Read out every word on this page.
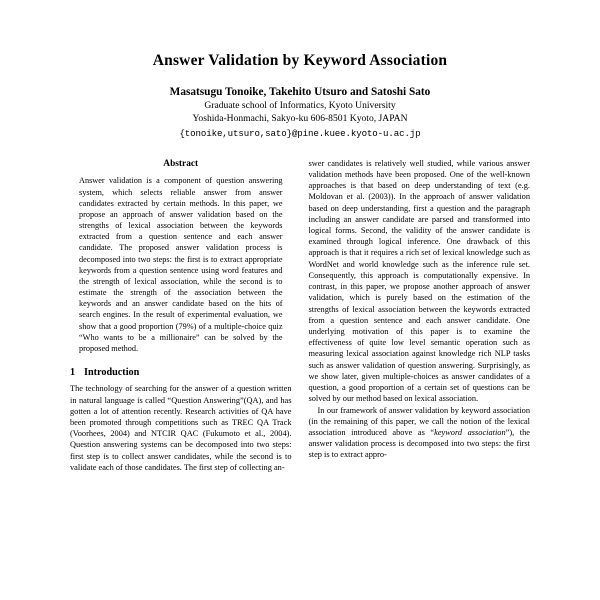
Answer Validation by Keyword Association
Masatsugu Tonoike, Takehito Utsuro and Satoshi Sato
Graduate school of Informatics, Kyoto University
Yoshida-Honmachi, Sakyo-ku 606-8501 Kyoto, JAPAN
{tonoike,utsuro,sato}@pine.kuee.kyoto-u.ac.jp
Abstract

Answer validation is a component of question answering system, which selects reliable answer from answer candidates extracted by certain methods. In this paper, we propose an approach of answer validation based on the strengths of lexical association between the keywords extracted from a question sentence and each answer candidate. The proposed answer validation process is decomposed into two steps: the first is to extract appropriate keywords from a question sentence using word features and the strength of lexical association, while the second is to estimate the strength of the association between the keywords and an answer candidate based on the hits of search engines. In the result of experimental evaluation, we show that a good proportion (79%) of a multiple-choice quiz “Who wants to be a millionaire” can be solved by the proposed method.

1 Introduction

The technology of searching for the answer of a question written in natural language is called “Question Answering”(QA), and has gotten a lot of attention recently. Research activities of QA have been promoted through competitions such as TREC QA Track (Voorhees, 2004) and NTCIR QAC (Fukumoto et al., 2004). Question answering systems can be decomposed into two steps: first step is to collect answer candidates, while the second is to validate each of those candidates. The first step of collecting an-

swer candidates is relatively well studied, while various answer validation methods have been proposed. One of the well-known approaches is that based on deep understanding of text (e.g. Moldovan et al. (2003)). In the approach of answer validation based on deep understanding, first a question and the paragraph including an answer candidate are parsed and transformed into logical forms. Second, the validity of the answer candidate is examined through logical inference. One drawback of this approach is that it requires a rich set of lexical knowledge such as WordNet and world knowledge such as the inference rule set. Consequently, this approach is computationally expensive. In contrast, in this paper, we propose another approach of answer validation, which is purely based on the estimation of the strengths of lexical association between the keywords extracted from a question sentence and each answer candidate. One underlying motivation of this paper is to examine the effectiveness of quite low level semantic operation such as measuring lexical association against knowledge rich NLP tasks such as answer validation of question answering. Surprisingly, as we show later, given multiple-choices as answer candidates of a question, a good proportion of a certain set of questions can be solved by our method based on lexical association.

In our framework of answer validation by keyword association (in the remaining of this paper, we call the notion of the lexical association introduced above as “keyword association”), the answer validation process is decomposed into two steps: the first step is to extract appro-
